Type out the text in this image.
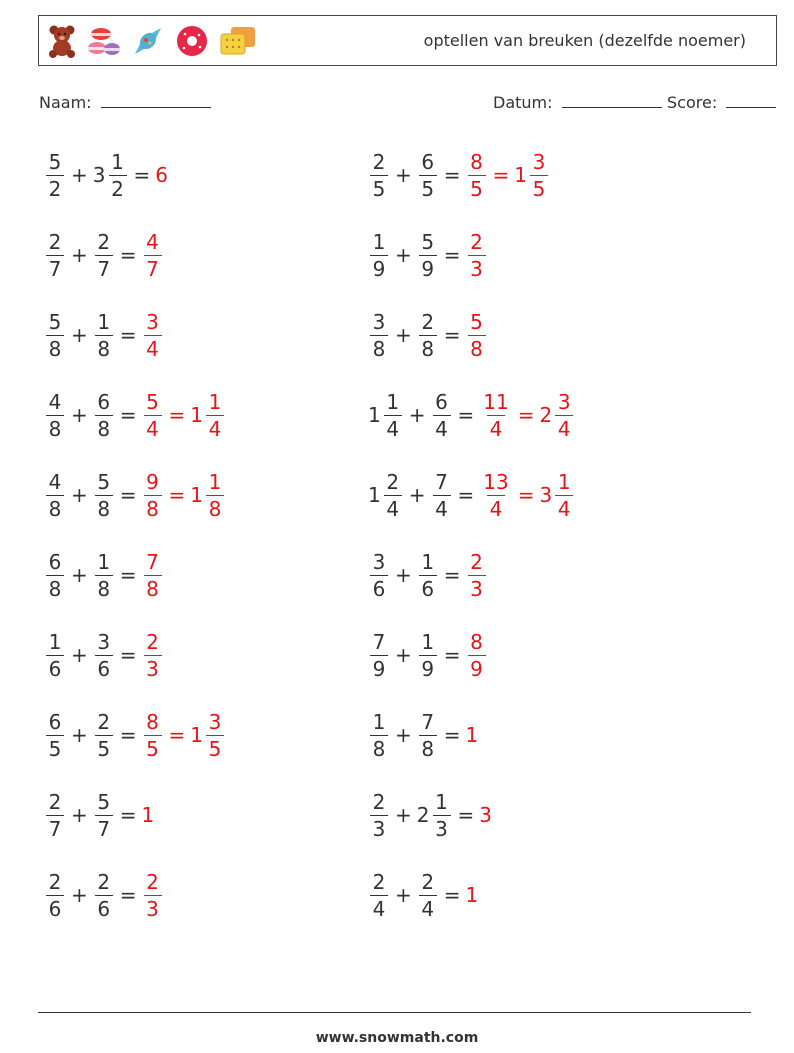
optellen van breuken (dezelfde noemer)
Naam:	Datum:	Score:
$\frac{5}{2} + 3 \frac{1}{2} = 6$	$\frac{2}{5} + \frac{6}{5} = \frac{8}{5} = 1 \frac{3}{5}$
$\frac{2}{7} + \frac{2}{7} = \frac{4}{7}$	$\frac{1}{9} + \frac{5}{9} = \frac{2}{3}$
$\frac{5}{8} + \frac{1}{8} = \frac{3}{4}$	$\frac{3}{8} + \frac{2}{8} = \frac{5}{8}$
$\frac{4}{8} + \frac{6}{8} = \frac{5}{4} = 1 \frac{1}{4}$	$1 \frac{1}{4} + \frac{6}{4} = \frac{11}{4} = 2 \frac{3}{4}$
$\frac{4}{8} + \frac{5}{8} = \frac{9}{8} = 1 \frac{1}{8}$	$1 \frac{2}{4} + \frac{7}{4} = \frac{13}{4} = 3 \frac{1}{4}$
$\frac{6}{8} + \frac{1}{8} = \frac{7}{8}$	$\frac{3}{6} + \frac{1}{6} = \frac{2}{3}$
$\frac{1}{6} + \frac{3}{6} = \frac{2}{3}$	$\frac{7}{9} + \frac{1}{9} = \frac{8}{9}$
$\frac{6}{5} + \frac{2}{5} = \frac{8}{5} = 1 \frac{3}{5}$	$\frac{1}{8} + \frac{7}{8} = 1$
$\frac{2}{7} + \frac{5}{7} = 1$	$\frac{2}{3} + 2 \frac{1}{3} = 3$
$\frac{2}{6} + \frac{2}{6} = \frac{2}{3}$	$\frac{2}{4} + \frac{2}{4} = 1$
www.snowmath.com
